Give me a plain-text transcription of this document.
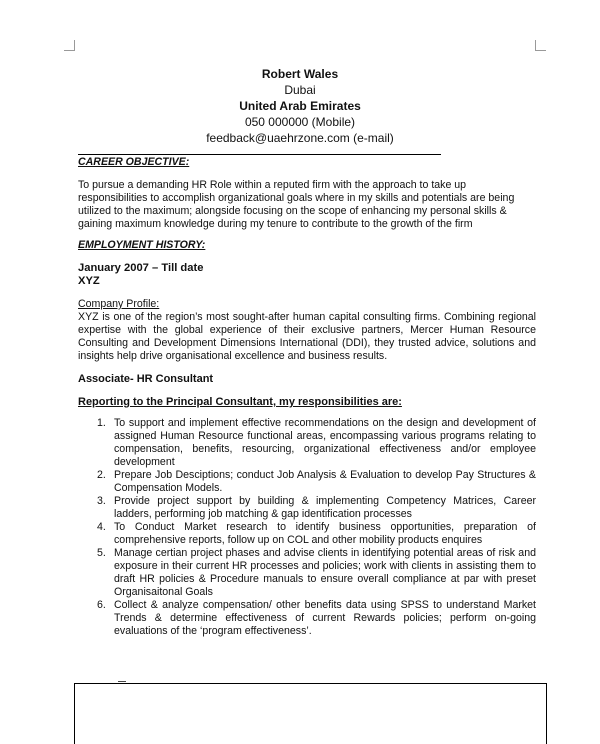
Robert Wales
Dubai
United Arab Emirates
050 000000 (Mobile)
feedback@uaehrzone.com (e-mail)

CAREER OBJECTIVE:

To pursue a demanding HR Role within a reputed firm with the approach to take up responsibilities to accomplish organizational goals where in my skills and potentials are being utilized to the maximum; alongside focusing on the scope of enhancing my personal skills & gaining maximum knowledge during my tenure to contribute to the growth of the firm

EMPLOYMENT HISTORY:

January 2007 – Till date

XYZ

Company Profile:

XYZ is one of the region’s most sought-after human capital consulting firms. Combining regional expertise with the global experience of their exclusive partners, Mercer Human Resource Consulting and Development Dimensions International (DDI), they trusted advice, solutions and insights help drive organisational excellence and business results.

Associate- HR Consultant

Reporting to the Principal Consultant, my responsibilities are:

1. To support and implement effective recommendations on the design and development of assigned Human Resource functional areas, encompassing various programs relating to compensation, benefits, resourcing, organizational effectiveness and/or employee development
2. Prepare Job Desciptions; conduct Job Analysis & Evaluation to develop Pay Structures & Compensation Models.
3. Provide project support by building & implementing Competency Matrices, Career ladders, performing job matching & gap identification processes
4. To Conduct Market research to identify business opportunities, preparation of comprehensive reports, follow up on COL and other mobility products enquires
5. Manage certian project phases and advise clients in identifying potential areas of risk and exposure in their current HR processes and policies; work with clients in assisting them to draft HR policies & Procedure manuals to ensure overall compliance at par with preset Organisaitonal Goals
6. Collect & analyze compensation/ other benefits data using SPSS to understand Market Trends & determine effectiveness of current Rewards policies; perform on-going evaluations of the ‘program effectiveness’.
